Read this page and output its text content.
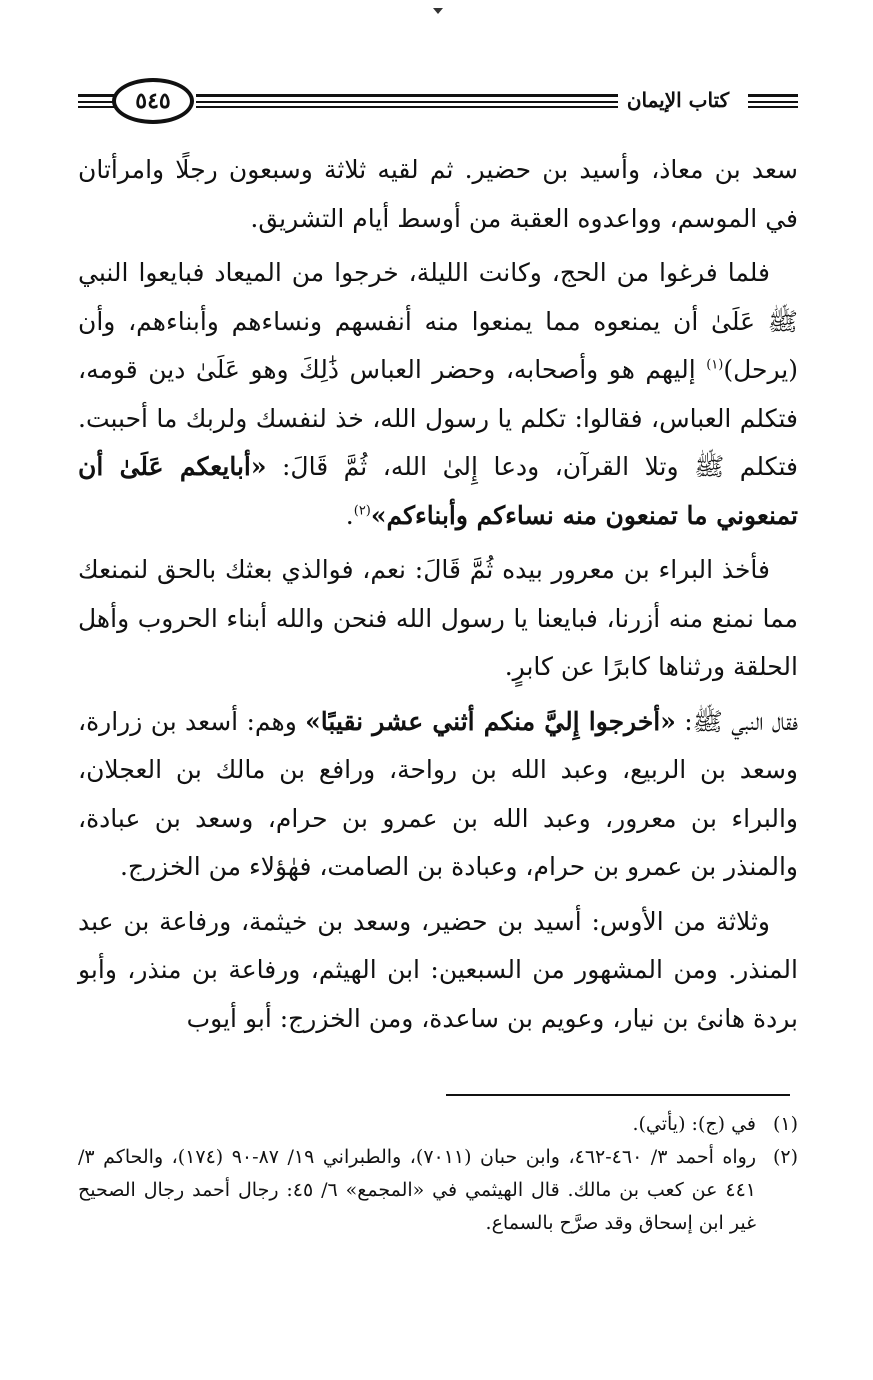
٥٤٥	كتاب الإيمان

سعد بن معاذ، وأسيد بن حضير. ثم لقيه ثلاثة وسبعون رجلًا وامرأتان في الموسم، وواعدوه العقبة من أوسط أيام التشريق.

فلما فرغوا من الحج، وكانت الليلة، خرجوا من الميعاد فبايعوا النبي ﷺ عَلَىٰ أن يمنعوه مما يمنعوا منه أنفسهم ونساءهم وأبناءهم، وأن (يرحل)$^{(١)}$ إليهم هو وأصحابه، وحضر العباس ذَٰلِكَ وهو عَلَىٰ دين قومه، فتكلم العباس، فقالوا: تكلم يا رسول الله، خذ لنفسك ولربك ما أحببت. فتكلم ﷺ وتلا القرآن، ودعا إِلىٰ الله، ثُمَّ قَالَ: «أبايعكم عَلَىٰ أن تمنعوني ما تمنعون منه نساءكم وأبناءكم»$^{(٢)}$.

فأخذ البراء بن معرور بيده ثُمَّ قَالَ: نعم، فوالذي بعثك بالحق لنمنعك مما نمنع منه أزرنا، فبايعنا يا رسول الله فنحن والله أبناء الحروب وأهل الحلقة ورثناها كابرًا عن كابرٍ.

فقال النبي ﷺ: «أخرجوا إِليَّ منكم أثني عشر نقيبًا» وهم: أسعد بن زرارة، وسعد بن الربيع، وعبد الله بن رواحة، ورافع بن مالك بن العجلان، والبراء بن معرور، وعبد الله بن عمرو بن حرام، وسعد بن عبادة، والمنذر بن عمرو بن حرام، وعبادة بن الصامت، فهٰؤلاء من الخزرج.

وثلاثة من الأوس: أسيد بن حضير، وسعد بن خيثمة، ورفاعة بن عبد المنذر. ومن المشهور من السبعين: ابن الهيثم، ورفاعة بن منذر، وأبو بردة هانئ بن نيار، وعويم بن ساعدة، ومن الخزرج: أبو أيوب

(١)
في (ج): (يأتي).
(٢)
رواه أحمد ٣/ ٤٦٠-٤٦٢، وابن حبان (٧٠١١)، والطبراني ١٩/ ٨٧-٩٠ (١٧٤)، والحاكم ٣/ ٤٤١ عن كعب بن مالك. قال الهيثمي في «المجمع» ٦/ ٤٥: رجال أحمد رجال الصحيح غير ابن إسحاق وقد صرَّح بالسماع.
